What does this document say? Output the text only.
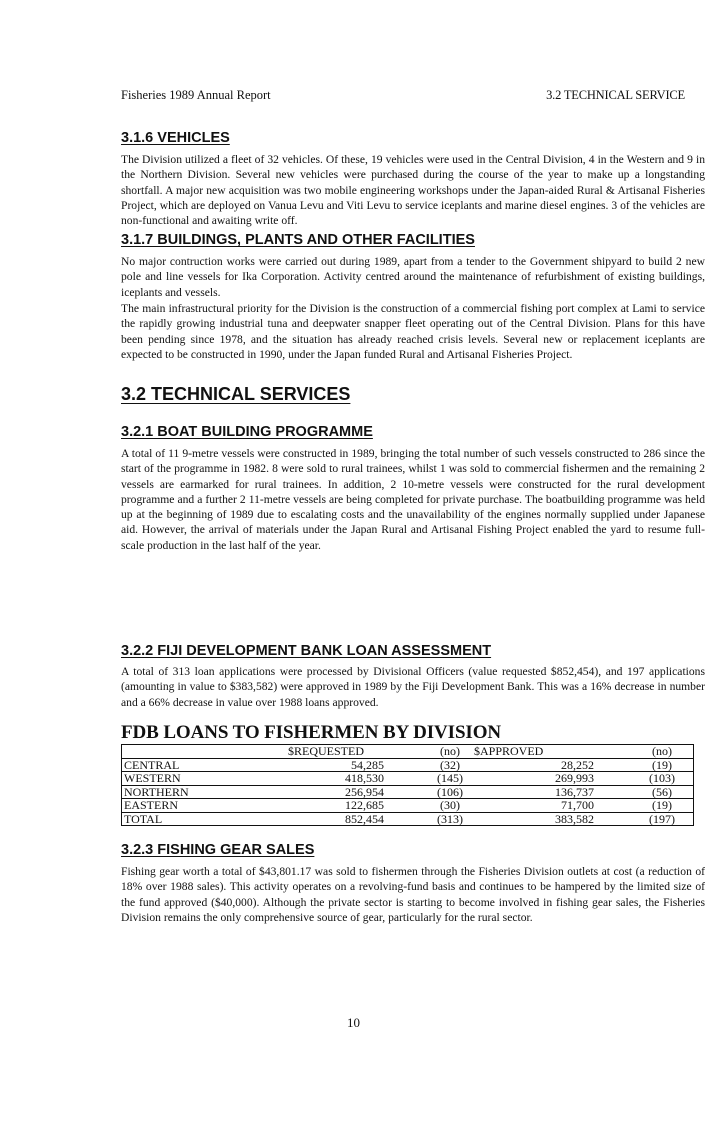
Fisheries 1989 Annual Report	3.2 TECHNICAL SERVICE
3.1.6 VEHICLES
The Division utilized a fleet of 32 vehicles. Of these, 19 vehicles were used in the Central Division, 4 in the Western and 9 in the Northern Division. Several new vehicles were purchased during the course of the year to make up a longstanding shortfall. A major new acquisition was two mobile engineering workshops under the Japan-aided Rural & Artisanal Fisheries Project, which are deployed on Vanua Levu and Viti Levu to service iceplants and marine diesel engines. 3 of the vehicles are non-functional and awaiting write off.
3.1.7 BUILDINGS, PLANTS AND OTHER FACILITIES
No major contruction works were carried out during 1989, apart from a tender to the Government shipyard to build 2 new pole and line vessels for Ika Corporation. Activity centred around the maintenance of refurbishment of existing buildings, iceplants and vessels.
The main infrastructural priority for the Division is the construction of a commercial fishing port complex at Lami to service the rapidly growing industrial tuna and deepwater snapper fleet operating out of the Central Division. Plans for this have been pending since 1978, and the situation has already reached crisis levels. Several new or replacement iceplants are expected to be constructed in 1990, under the Japan funded Rural and Artisanal Fisheries Project.
3.2 TECHNICAL SERVICES
3.2.1 BOAT BUILDING PROGRAMME
A total of 11 9-metre vessels were constructed in 1989, bringing the total number of such vessels constructed to 286 since the start of the programme in 1982. 8 were sold to rural trainees, whilst 1 was sold to commercial fishermen and the remaining 2 vessels are earmarked for rural trainees. In addition, 2 10-metre vessels were constructed for the rural development programme and a further 2 11-metre vessels are being completed for private purchase. The boatbuilding programme was held up at the beginning of 1989 due to escalating costs and the unavailability of the engines normally supplied under Japanese aid. However, the arrival of materials under the Japan Rural and Artisanal Fishing Project enabled the yard to resume full-scale production in the last half of the year.
3.2.2 FIJI DEVELOPMENT BANK LOAN ASSESSMENT
A total of 313 loan applications were processed by Divisional Officers (value requested $852,454), and 197 applications (amounting in value to $383,582) were approved in 1989 by the Fiji Development Bank. This was a 16% decrease in number and a 66% decrease in value over 1988 loans approved.
FDB LOANS TO FISHERMEN BY DIVISION
	$REQUESTED	(no)	$APPROVED	(no)	
CENTRAL	54,285	(32)	28,252	(19)	
WESTERN	418,530	(145)	269,993	(103)	
NORTHERN	256,954	(106)	136,737	(56)	
EASTERN	122,685	(30)	71,700	(19)	
TOTAL	852,454	(313)	383,582	(197)	
3.2.3 FISHING GEAR SALES
Fishing gear worth a total of $43,801.17 was sold to fishermen through the Fisheries Division outlets at cost (a reduction of 18% over 1988 sales). This activity operates on a revolving-fund basis and continues to be hampered by the limited size of the fund approved ($40,000). Although the private sector is starting to become involved in fishing gear sales, the Fisheries Division remains the only comprehensive source of gear, particularly for the rural sector.
10
